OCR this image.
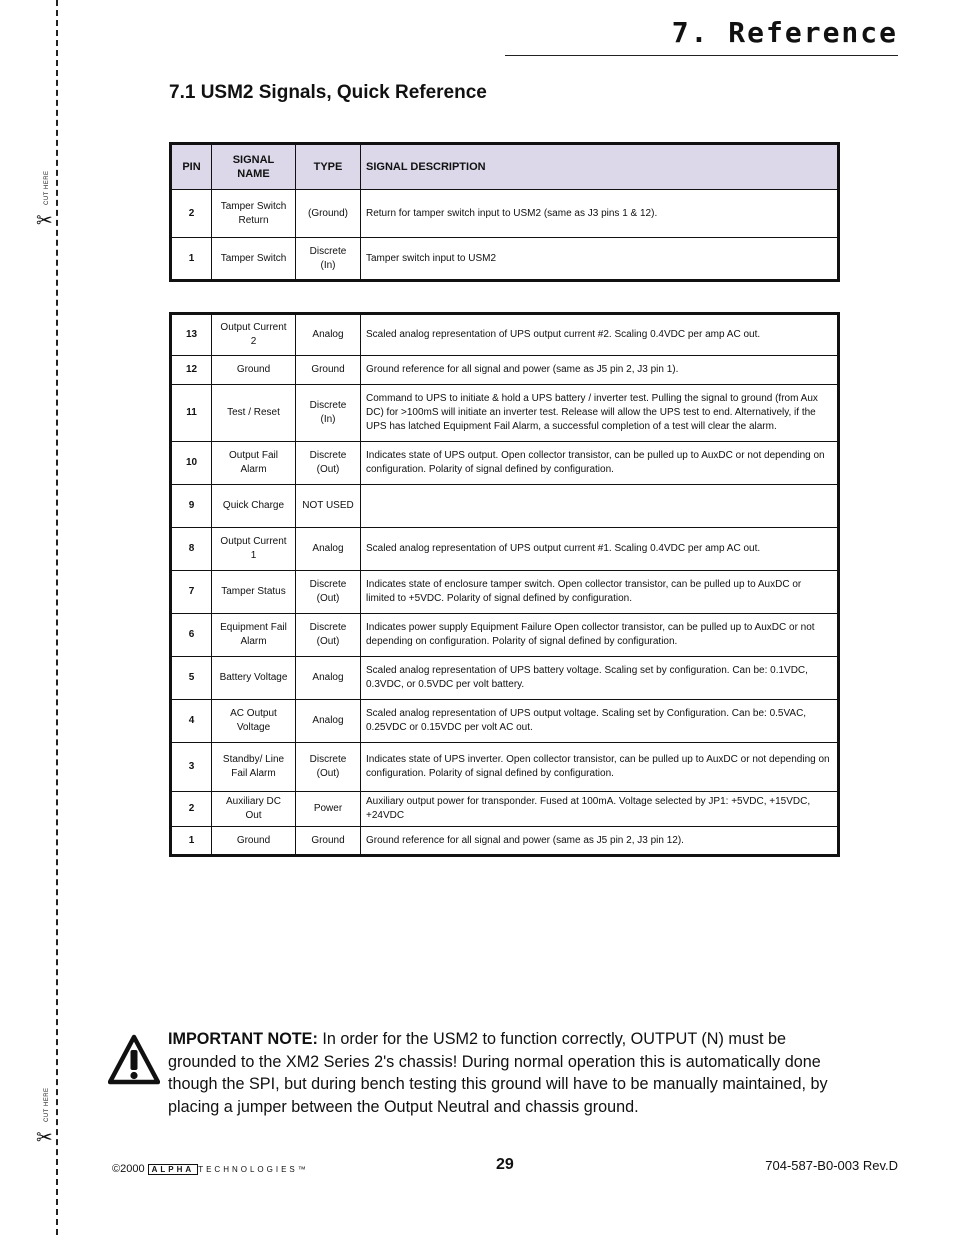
CUT HERE
✂
CUT HERE
✂
7. Reference
7.1 USM2 Signals, Quick Reference
PIN	SIGNAL NAME	TYPE	SIGNAL DESCRIPTION
2	Tamper Switch Return	(Ground)	Return for tamper switch input to USM2 (same as J3 pins 1 & 12).
1	Tamper Switch	Discrete (In)	Tamper switch input to USM2
13	Output Current 2	Analog	Scaled analog representation of UPS output current #2. Scaling 0.4VDC per amp AC out.
12	Ground	Ground	Ground reference for all signal and power (same as J5 pin 2, J3 pin 1).
11	Test / Reset	Discrete (In)	Command to UPS to initiate & hold a UPS battery / inverter test. Pulling the signal to ground (from Aux DC) for >100mS will initiate an inverter test. Release will allow the UPS test to end. Alternatively, if the UPS has latched Equipment Fail Alarm, a successful completion of a test will clear the alarm.
10	Output Fail Alarm	Discrete (Out)	Indicates state of UPS output. Open collector transistor, can be pulled up to AuxDC or not depending on configuration. Polarity of signal defined by configuration.
9	Quick Charge	NOT USED	
8	Output Current 1	Analog	Scaled analog representation of UPS output current #1. Scaling 0.4VDC per amp AC out.
7	Tamper Status	Discrete (Out)	Indicates state of enclosure tamper switch. Open collector transistor, can be pulled up to AuxDC or limited to +5VDC. Polarity of signal defined by configuration.
6	Equipment Fail Alarm	Discrete (Out)	Indicates power supply Equipment Failure Open collector transistor, can be pulled up to AuxDC or not depending on configuration. Polarity of signal defined by configuration.
5	Battery Voltage	Analog	Scaled analog representation of UPS battery voltage. Scaling set by configuration. Can be: 0.1VDC, 0.3VDC, or 0.5VDC per volt battery.
4	AC Output Voltage	Analog	Scaled analog representation of UPS output voltage. Scaling set by Configuration. Can be: 0.5VAC, 0.25VDC or 0.15VDC per volt AC out.
3	Standby/ Line Fail Alarm	Discrete (Out)	Indicates state of UPS inverter. Open collector transistor, can be pulled up to AuxDC or not depending on configuration. Polarity of signal defined by configuration.
2	Auxiliary DC Out	Power	Auxiliary output power for transponder. Fused at 100mA. Voltage selected by JP1: +5VDC, +15VDC, +24VDC
1	Ground	Ground	Ground reference for all signal and power (same as J5 pin 2, J3 pin 12).
IMPORTANT NOTE: In order for the USM2 to function correctly, OUTPUT (N) must be grounded to the XM2 Series 2's chassis! During normal operation this is automatically done though the SPI, but during bench testing this ground will have to be manually maintained, by placing a jumper between the Output Neutral and chassis ground.
©2000 ALPHA TECHNOLOGIES™	29	704-587-B0-003 Rev.D
